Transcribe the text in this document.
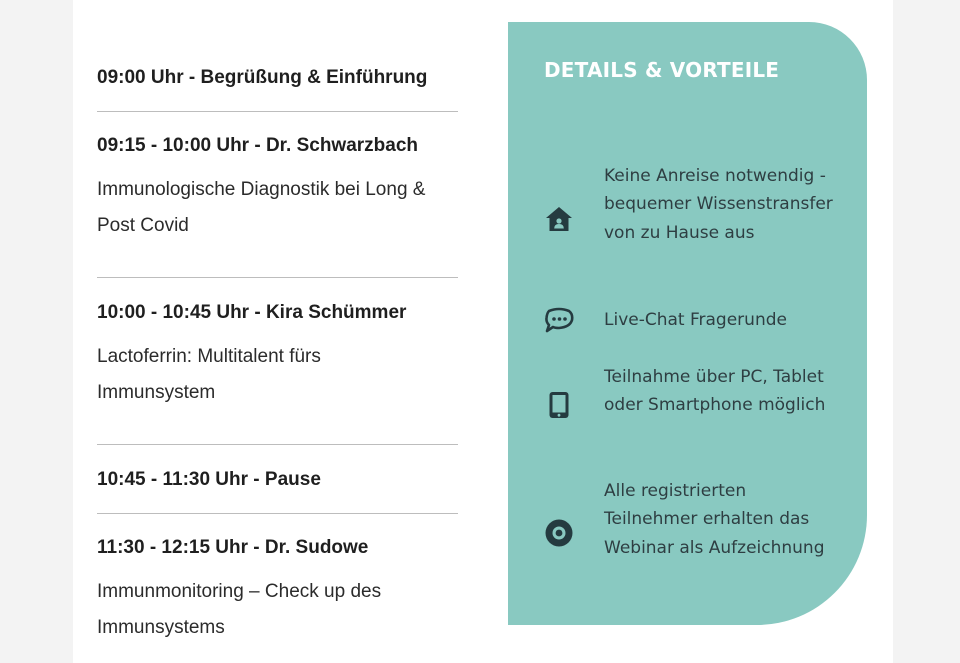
09:00 Uhr - Begrüßung & Einführung
09:15 - 10:00 Uhr - Dr. Schwarzbach
Immunologische Diagnostik bei Long & Post Covid
10:00 - 10:45 Uhr - Kira Schümmer
Lactoferrin: Multitalent fürs Immunsystem
10:45 - 11:30 Uhr - Pause
11:30 - 12:15 Uhr - Dr. Sudowe
Immunmonitoring – Check up des Immunsystems
DETAILS & VORTEILE
Keine Anreise notwendig - bequemer Wissenstransfer von zu Hause aus
Live-Chat Fragerunde
Teilnahme über PC, Tablet oder Smartphone möglich
Alle registrierten Teilnehmer erhalten das Webinar als Aufzeichnung
